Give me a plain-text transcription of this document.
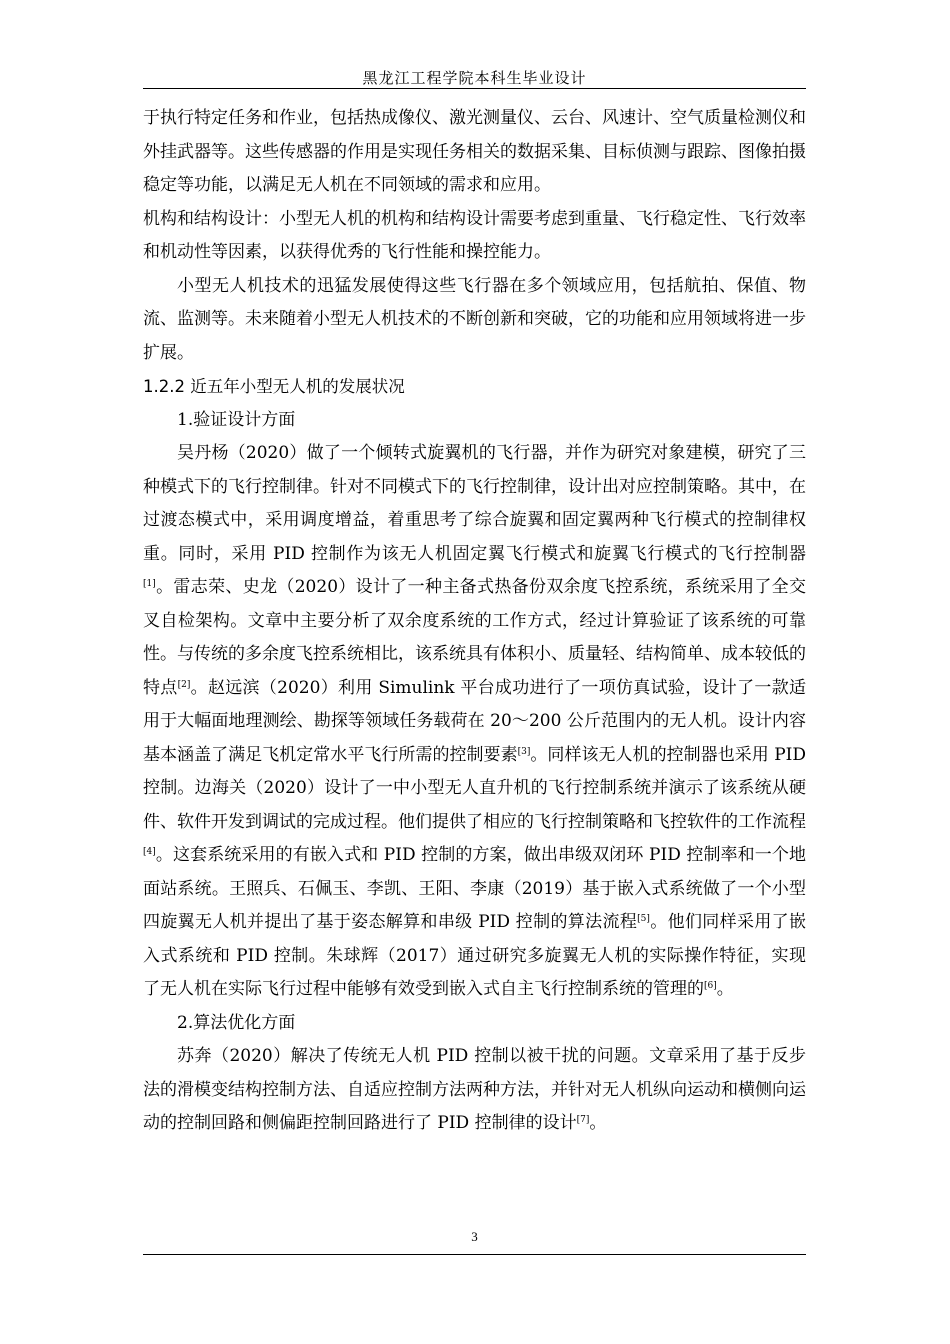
黑龙江工程学院本科生毕业设计

于执行特定任务和作业，包括热成像仪、激光测量仪、云台、风速计、空气质量检测仪和外挂武器等。这些传感器的作用是实现任务相关的数据采集、目标侦测与跟踪、图像拍摄稳定等功能，以满足无人机在不同领域的需求和应用。

机构和结构设计：小型无人机的机构和结构设计需要考虑到重量、飞行稳定性、飞行效率和机动性等因素，以获得优秀的飞行性能和操控能力。

小型无人机技术的迅猛发展使得这些飞行器在多个领域应用，包括航拍、保值、物流、监测等。未来随着小型无人机技术的不断创新和突破，它的功能和应用领域将进一步扩展。

1.2.2 近五年小型无人机的发展状况

1.验证设计方面

吴丹杨（2020）做了一个倾转式旋翼机的飞行器，并作为研究对象建模，研究了三种模式下的飞行控制律。针对不同模式下的飞行控制律，设计出对应控制策略。其中，在过渡态模式中，采用调度增益，着重思考了综合旋翼和固定翼两种飞行模式的控制律权重。同时，采用 PID 控制作为该无人机固定翼飞行模式和旋翼飞行模式的飞行控制器[1]。雷志荣、史龙（2020）设计了一种主备式热备份双余度飞控系统，系统采用了全交叉自检架构。文章中主要分析了双余度系统的工作方式，经过计算验证了该系统的可靠性。与传统的多余度飞控系统相比，该系统具有体积小、质量轻、结构简单、成本较低的特点[2]。赵远滨（2020）利用 Simulink 平台成功进行了一项仿真试验，设计了一款适用于大幅面地理测绘、勘探等领域任务载荷在 20～200 公斤范围内的无人机。设计内容基本涵盖了满足飞机定常水平飞行所需的控制要素[3]。同样该无人机的控制器也采用 PID 控制。边海关（2020）设计了一中小型无人直升机的飞行控制系统并演示了该系统从硬件、软件开发到调试的完成过程。他们提供了相应的飞行控制策略和飞控软件的工作流程[4]。这套系统采用的有嵌入式和 PID 控制的方案，做出串级双闭环 PID 控制率和一个地面站系统。王照兵、石佩玉、李凯、王阳、李康（2019）基于嵌入式系统做了一个小型四旋翼无人机并提出了基于姿态解算和串级 PID 控制的算法流程[5]。他们同样采用了嵌入式系统和 PID 控制。朱球辉（2017）通过研究多旋翼无人机的实际操作特征，实现了无人机在实际飞行过程中能够有效受到嵌入式自主飞行控制系统的管理的[6]。

2.算法优化方面

苏奔（2020）解决了传统无人机 PID 控制以被干扰的问题。文章采用了基于反步法的滑模变结构控制方法、自适应控制方法两种方法，并针对无人机纵向运动和横侧向运动的控制回路和侧偏距控制回路进行了 PID 控制律的设计[7]。

3
